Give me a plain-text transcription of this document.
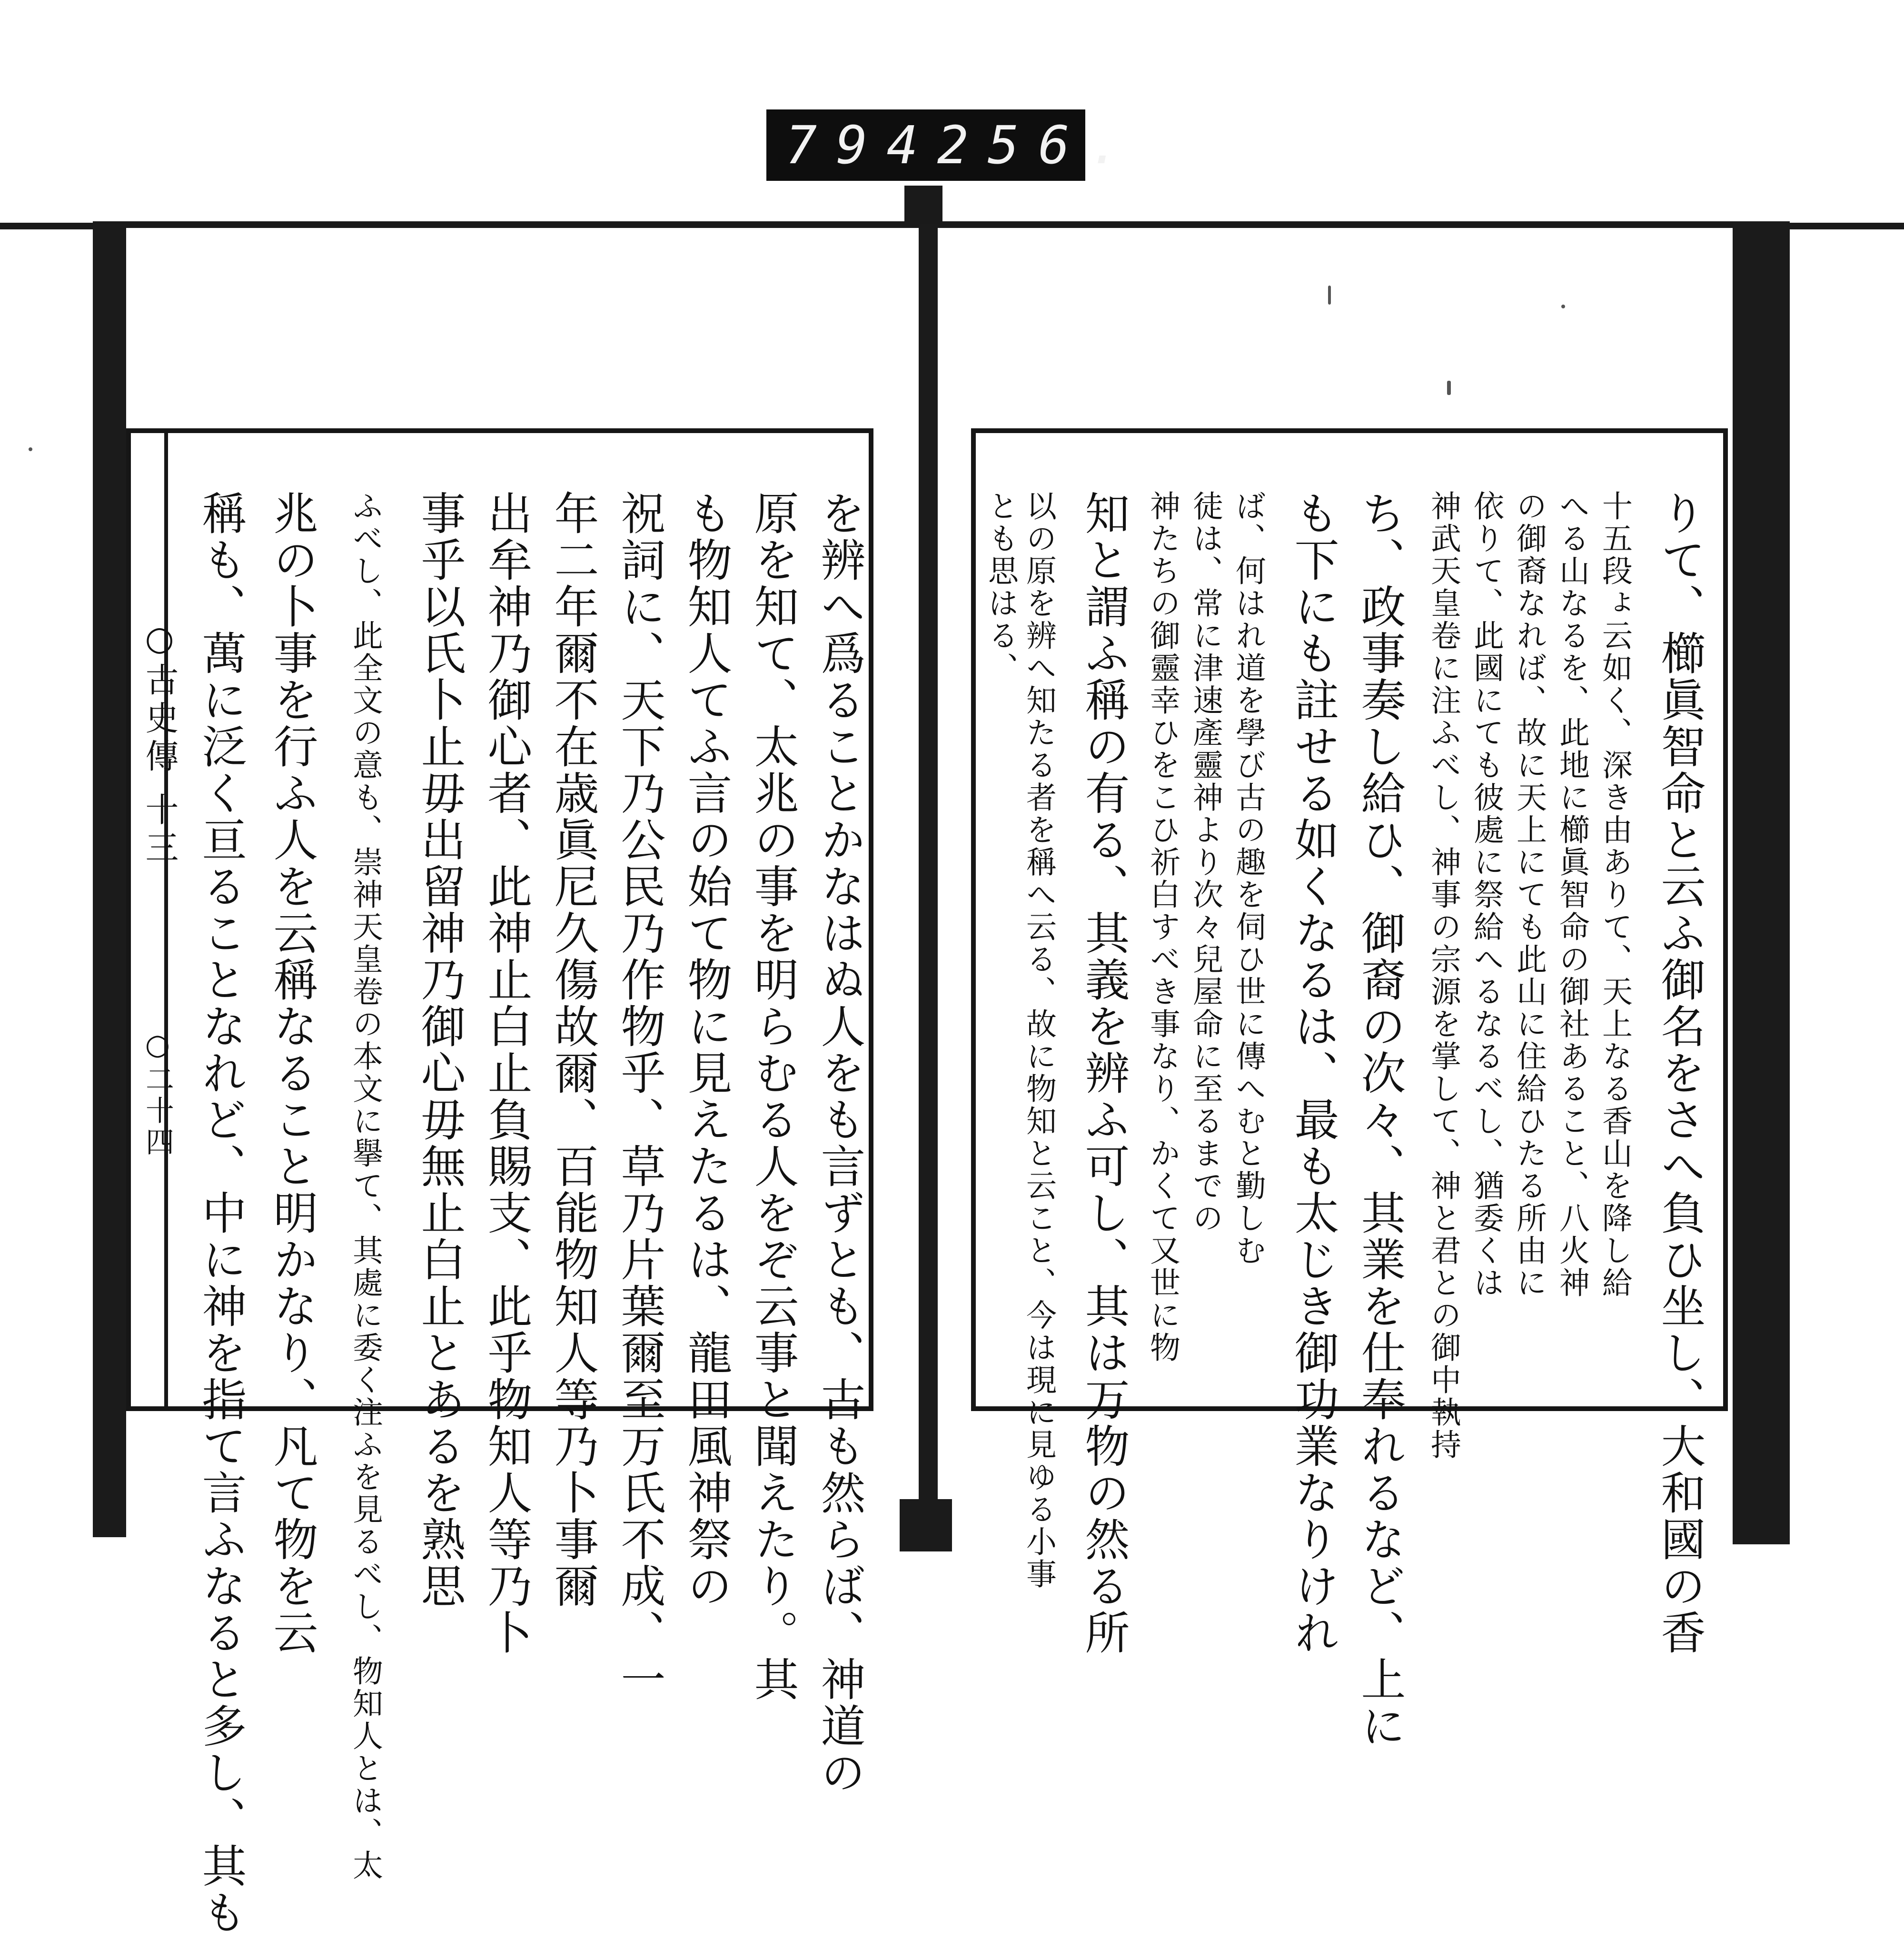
794 256.
○古史傳 十三
○二十四	を辨へ爲ることかなはぬ人をも言ずとも、古も然らば、神道の
原を知て、太兆の事を明らむる人をぞ云事と聞えたり。其
も物知人てふ言の始て物に見えたるは、龍田風神祭の
祝詞に、天下乃公民乃作物乎、草乃片葉爾至万氏不成、一
年二年爾不在歳眞尼久傷故爾、百能物知人等乃卜事爾
出牟神乃御心者、此神止白止負賜支、此乎物知人等乃卜
事乎以氏卜止毋出留神乃御心毋無止白止とあるを熟思
ふべし、此全文の意も、崇神天皇卷の本文に擧て、其處に委く注ふを見るべし、物知人とは、太
兆の卜事を行ふ人を云稱なること明かなり、凡て物を云
稱も、萬に泛く亘ることなれど、中に神を指て言ふなると多し、其も	りて、櫛眞智命と云ふ御名をさへ負ひ坐し、大和國の香
十五段ょ云如く、深き由ありて、天上なる香山を降し給
へる山なるを、此地に櫛眞智命の御社あること、八火神
の御裔なれば、故に天上にても此山に住給ひたる所由に
依りて、此國にても彼處に祭給へるなるべし、猶委くは
神武天皇卷に注ふべし、神事の宗源を掌して、神と君との御中執持
ち、政事奏し給ひ、御裔の次々、其業を仕奉れるなど、上に
も下にも註せる如くなるは、最も太じき御功業なりけれ
ば、何はれ道を學び古の趣を伺ひ世に傳へむと勤しむ
徒は、常に津速產靈神より次々兒屋命に至るまでの
神たちの御靈幸ひをこひ祈白すべき事なり、かくて又世に物
知と謂ふ稱の有る、其義を辨ふ可し、其は万物の然る所
以の原を辨へ知たる者を稱へ云る、故に物知と云こと、今は現に見ゆる小事
とも思はる、
